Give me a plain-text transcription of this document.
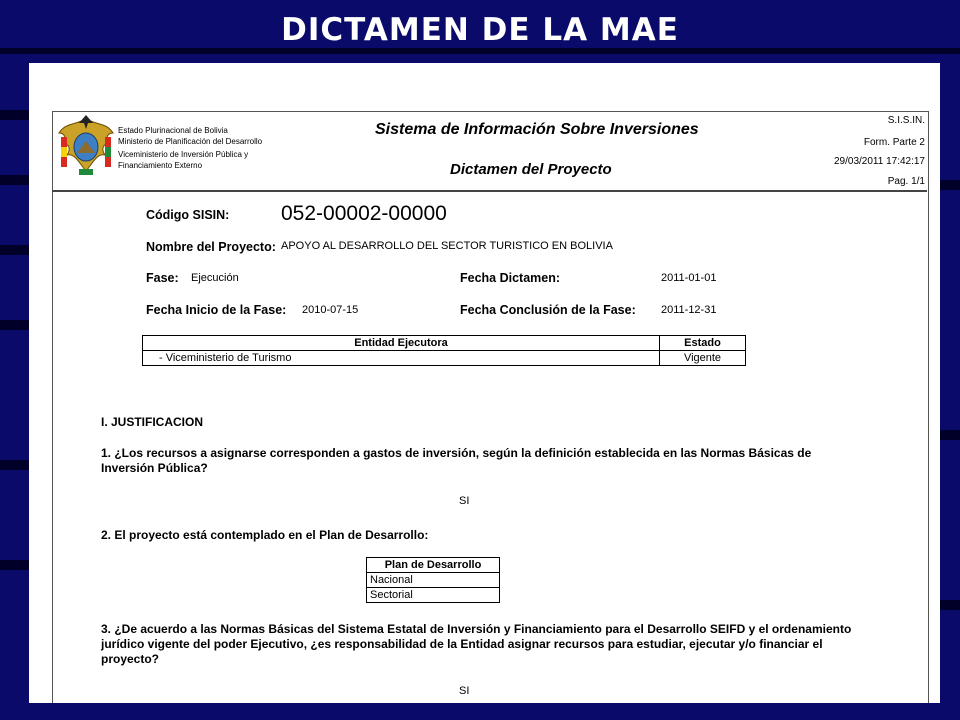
DICTAMEN DE LA MAE
Estado Plurinacional de Bolivia
Ministerio de Planificación del Desarrollo
Viceministerio de Inversión Pública y
Financiamiento Externo
Sistema de Información Sobre Inversiones
Dictamen del Proyecto
S.I.S.IN.
Form. Parte 2
29/03/2011 17:42:17
Pag. 1/1
Código SISIN: 052-00002-00000
Nombre del Proyecto: APOYO AL DESARROLLO DEL SECTOR TURISTICO EN BOLIVIA
Fase: Ejecución	Fecha Dictamen:	2011-01-01
Fecha Inicio de la Fase: 2010-07-15	Fecha Conclusión de la Fase: 2011-12-31
Entidad Ejecutora	Estado
- Viceministerio de Turismo	Vigente
I. JUSTIFICACION
1. ¿Los recursos a asignarse corresponden a gastos de inversión, según la definición establecida en las Normas Básicas de Inversión Pública?
SI
2. El proyecto está contemplado en el Plan de Desarrollo:
Plan de Desarrollo
Nacional
Sectorial
3. ¿De acuerdo a las Normas Básicas del Sistema Estatal de Inversión y Financiamiento para el Desarrollo SEIFD y el ordenamiento jurídico vigente del poder Ejecutivo, ¿es responsabilidad de la Entidad asignar recursos para estudiar, ejecutar y/o financiar el proyecto?
SI
